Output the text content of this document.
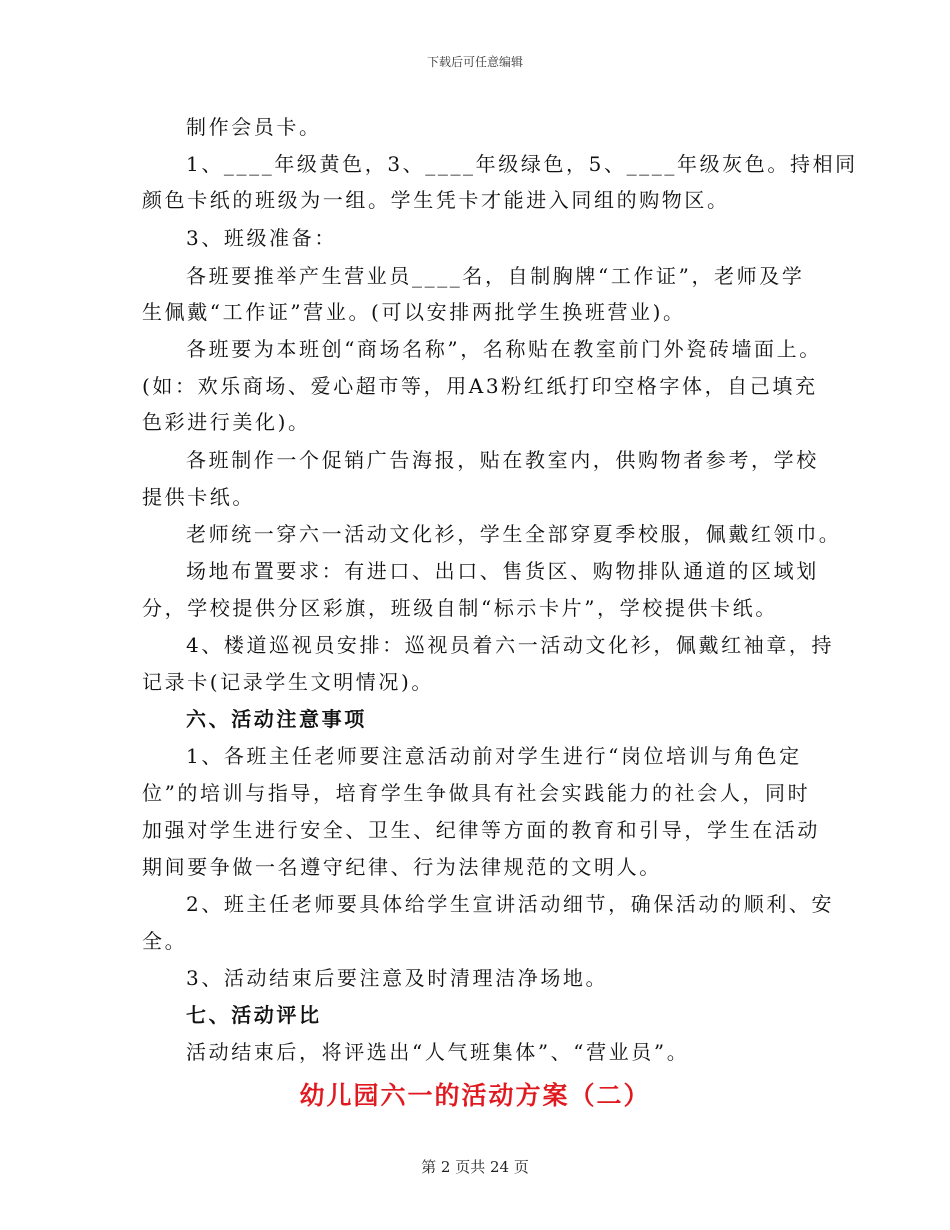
下载后可任意编辑
制作会员卡。
1、____年级黄色，3、____年级绿色，5、____年级灰色。持相同
颜色卡纸的班级为一组。学生凭卡才能进入同组的购物区。
3、班级准备：
各班要推举产生营业员____名，自制胸牌“工作证”，老师及学
生佩戴“工作证”营业。(可以安排两批学生换班营业)。
各班要为本班创“商场名称”，名称贴在教室前门外瓷砖墙面上。
(如：欢乐商场、爱心超市等，用A3粉红纸打印空格字体，自己填充
色彩进行美化)。
各班制作一个促销广告海报，贴在教室内，供购物者参考，学校
提供卡纸。
老师统一穿六一活动文化衫，学生全部穿夏季校服，佩戴红领巾。
场地布置要求：有进口、出口、售货区、购物排队通道的区域划
分，学校提供分区彩旗，班级自制“标示卡片”，学校提供卡纸。
4、楼道巡视员安排：巡视员着六一活动文化衫，佩戴红袖章，持
记录卡(记录学生文明情况)。
六、活动注意事项
1、各班主任老师要注意活动前对学生进行“岗位培训与角色定
位”的培训与指导，培育学生争做具有社会实践能力的社会人，同时
加强对学生进行安全、卫生、纪律等方面的教育和引导，学生在活动
期间要争做一名遵守纪律、行为法律规范的文明人。
2、班主任老师要具体给学生宣讲活动细节，确保活动的顺利、安
全。
3、活动结束后要注意及时清理洁净场地。
七、活动评比
活动结束后，将评选出“人气班集体”、“营业员”。
幼儿园六一的活动方案（二）
第 2 页共 24 页
